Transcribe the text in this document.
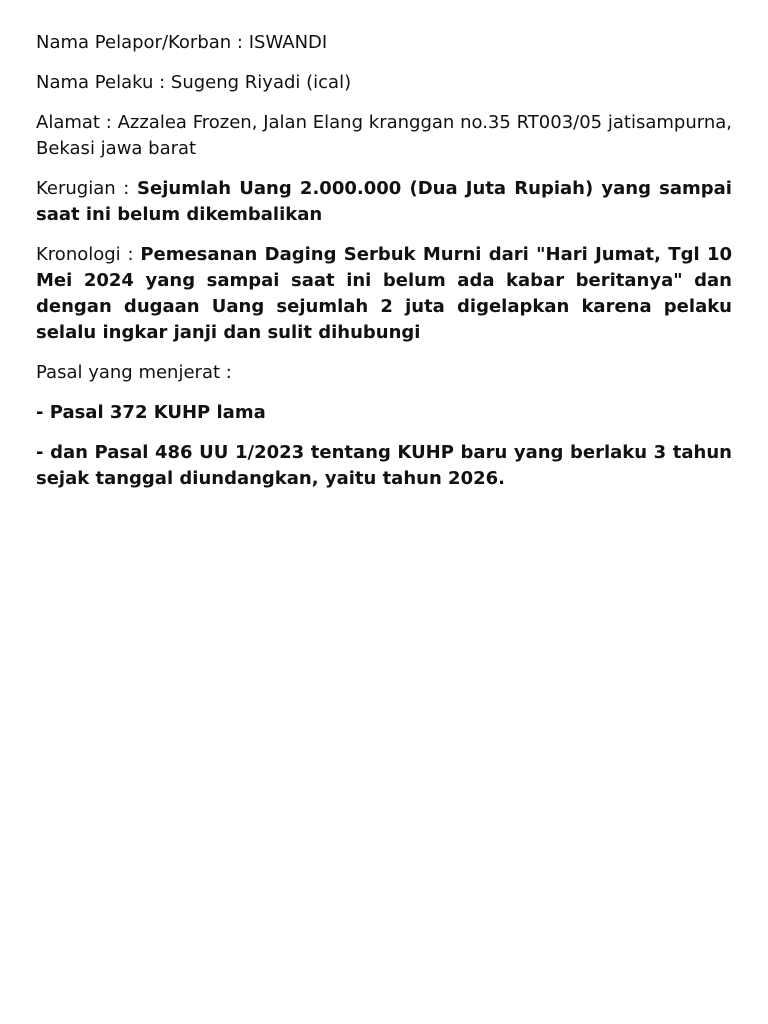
Nama Pelapor/Korban : ISWANDI

Nama Pelaku : Sugeng Riyadi (ical)

Alamat : Azzalea Frozen, Jalan Elang kranggan no.35 RT003/05 jatisampurna, Bekasi jawa barat

Kerugian : Sejumlah Uang 2.000.000 (Dua Juta Rupiah) yang sampai saat ini belum dikembalikan

Kronologi : Pemesanan Daging Serbuk Murni dari "Hari Jumat, Tgl 10 Mei 2024 yang sampai saat ini belum ada kabar beritanya" dan dengan dugaan Uang sejumlah 2 juta digelapkan karena pelaku selalu ingkar janji dan sulit dihubungi

Pasal yang menjerat :

- Pasal 372 KUHP lama

- dan Pasal 486 UU 1/2023 tentang KUHP baru yang berlaku 3 tahun sejak tanggal diundangkan, yaitu tahun 2026.
